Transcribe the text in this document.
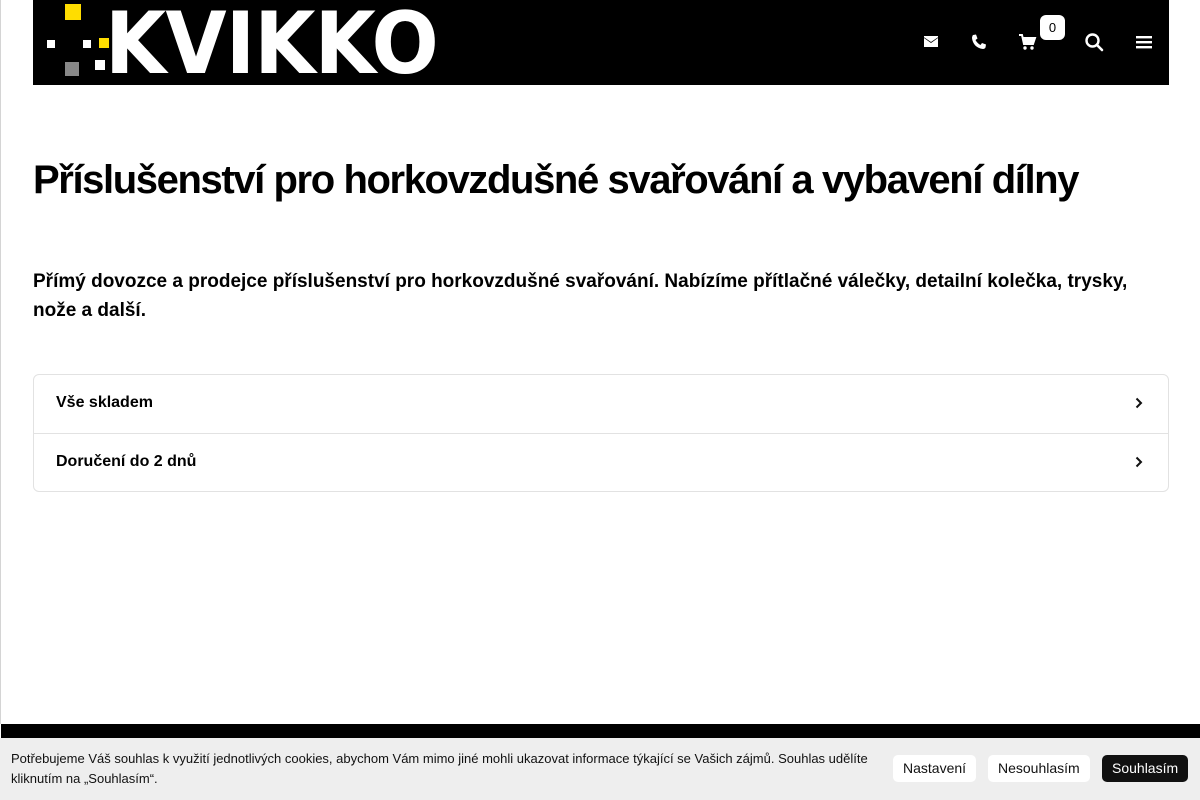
KVIKKO	0
Příslušenství pro horkovzdušné svařování a vybavení dílny

Přímý dovozce a prodejce příslušenství pro horkovzdušné svařování. Nabízíme přítlačné válečky, detailní kolečka, trysky, nože a další.

Vše skladem
Doručení do 2 dnů

Potřebujeme Váš souhlas k využití jednotlivých cookies, abychom Vám mimo jiné mohli ukazovat informace týkající se Vašich zájmů. Souhlas udělíte kliknutím na „Souhlasím“.

Nastavení	Nesouhlasím	Souhlasím
